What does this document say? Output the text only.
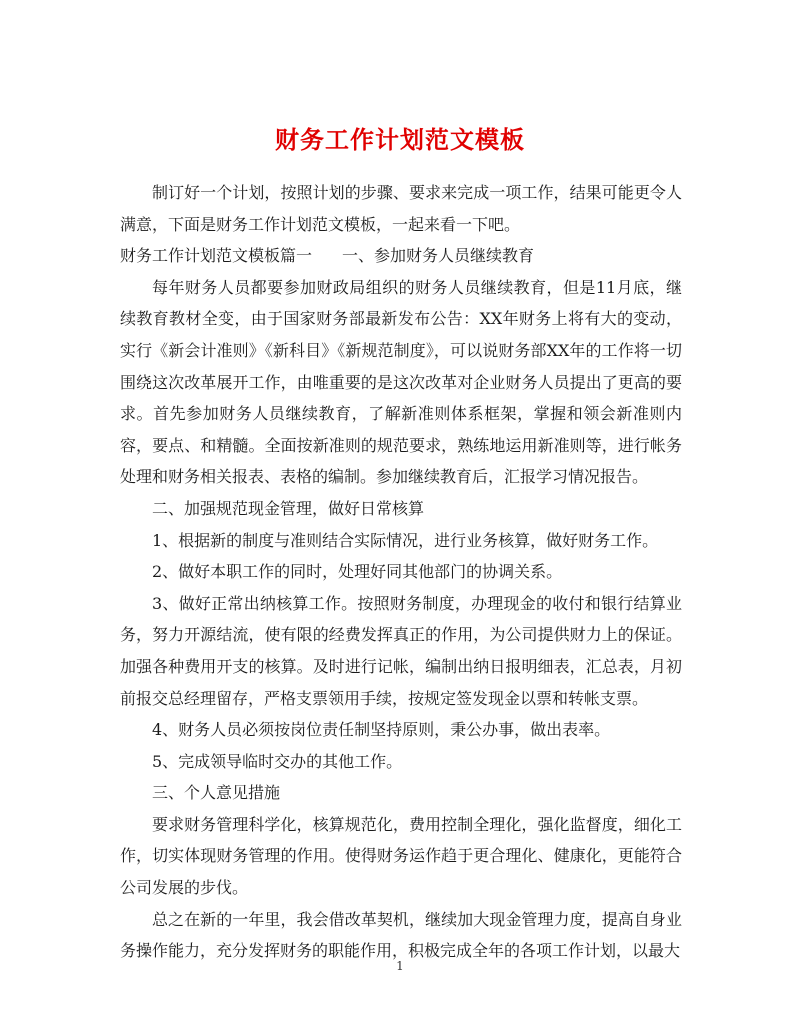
财务工作计划范文模板

制订好一个计划，按照计划的步骤、要求来完成一项工作，结果可能更令人满意，下面是财务工作计划范文模板，一起来看一下吧。

财务工作计划范文模板篇一 一、参加财务人员继续教育

每年财务人员都要参加财政局组织的财务人员继续教育，但是11月底，继续教育教材全变，由于国家财务部最新发布公告：XX年财务上将有大的变动，实行《新会计准则》《新科目》《新规范制度》，可以说财务部XX年的工作将一切围绕这次改革展开工作，由唯重要的是这次改革对企业财务人员提出了更高的要求。首先参加财务人员继续教育，了解新准则体系框架，掌握和领会新准则内容，要点、和精髓。全面按新准则的规范要求，熟练地运用新准则等，进行帐务处理和财务相关报表、表格的编制。参加继续教育后，汇报学习情况报告。

二、加强规范现金管理，做好日常核算

1、根据新的制度与准则结合实际情况，进行业务核算，做好财务工作。

2、做好本职工作的同时，处理好同其他部门的协调关系。

3、做好正常出纳核算工作。按照财务制度，办理现金的收付和银行结算业务，努力开源结流，使有限的经费发挥真正的作用，为公司提供财力上的保证。加强各种费用开支的核算。及时进行记帐，编制出纳日报明细表，汇总表，月初前报交总经理留存，严格支票领用手续，按规定签发现金以票和转帐支票。

4、财务人员必须按岗位责任制坚持原则，秉公办事，做出表率。

5、完成领导临时交办的其他工作。

三、个人意见措施

要求财务管理科学化，核算规范化，费用控制全理化，强化监督度，细化工作，切实体现财务管理的作用。使得财务运作趋于更合理化、健康化，更能符合公司发展的步伐。

总之在新的一年里，我会借改革契机，继续加大现金管理力度，提高自身业务操作能力，充分发挥财务的职能作用，积极完成全年的各项工作计划，以最大

1
